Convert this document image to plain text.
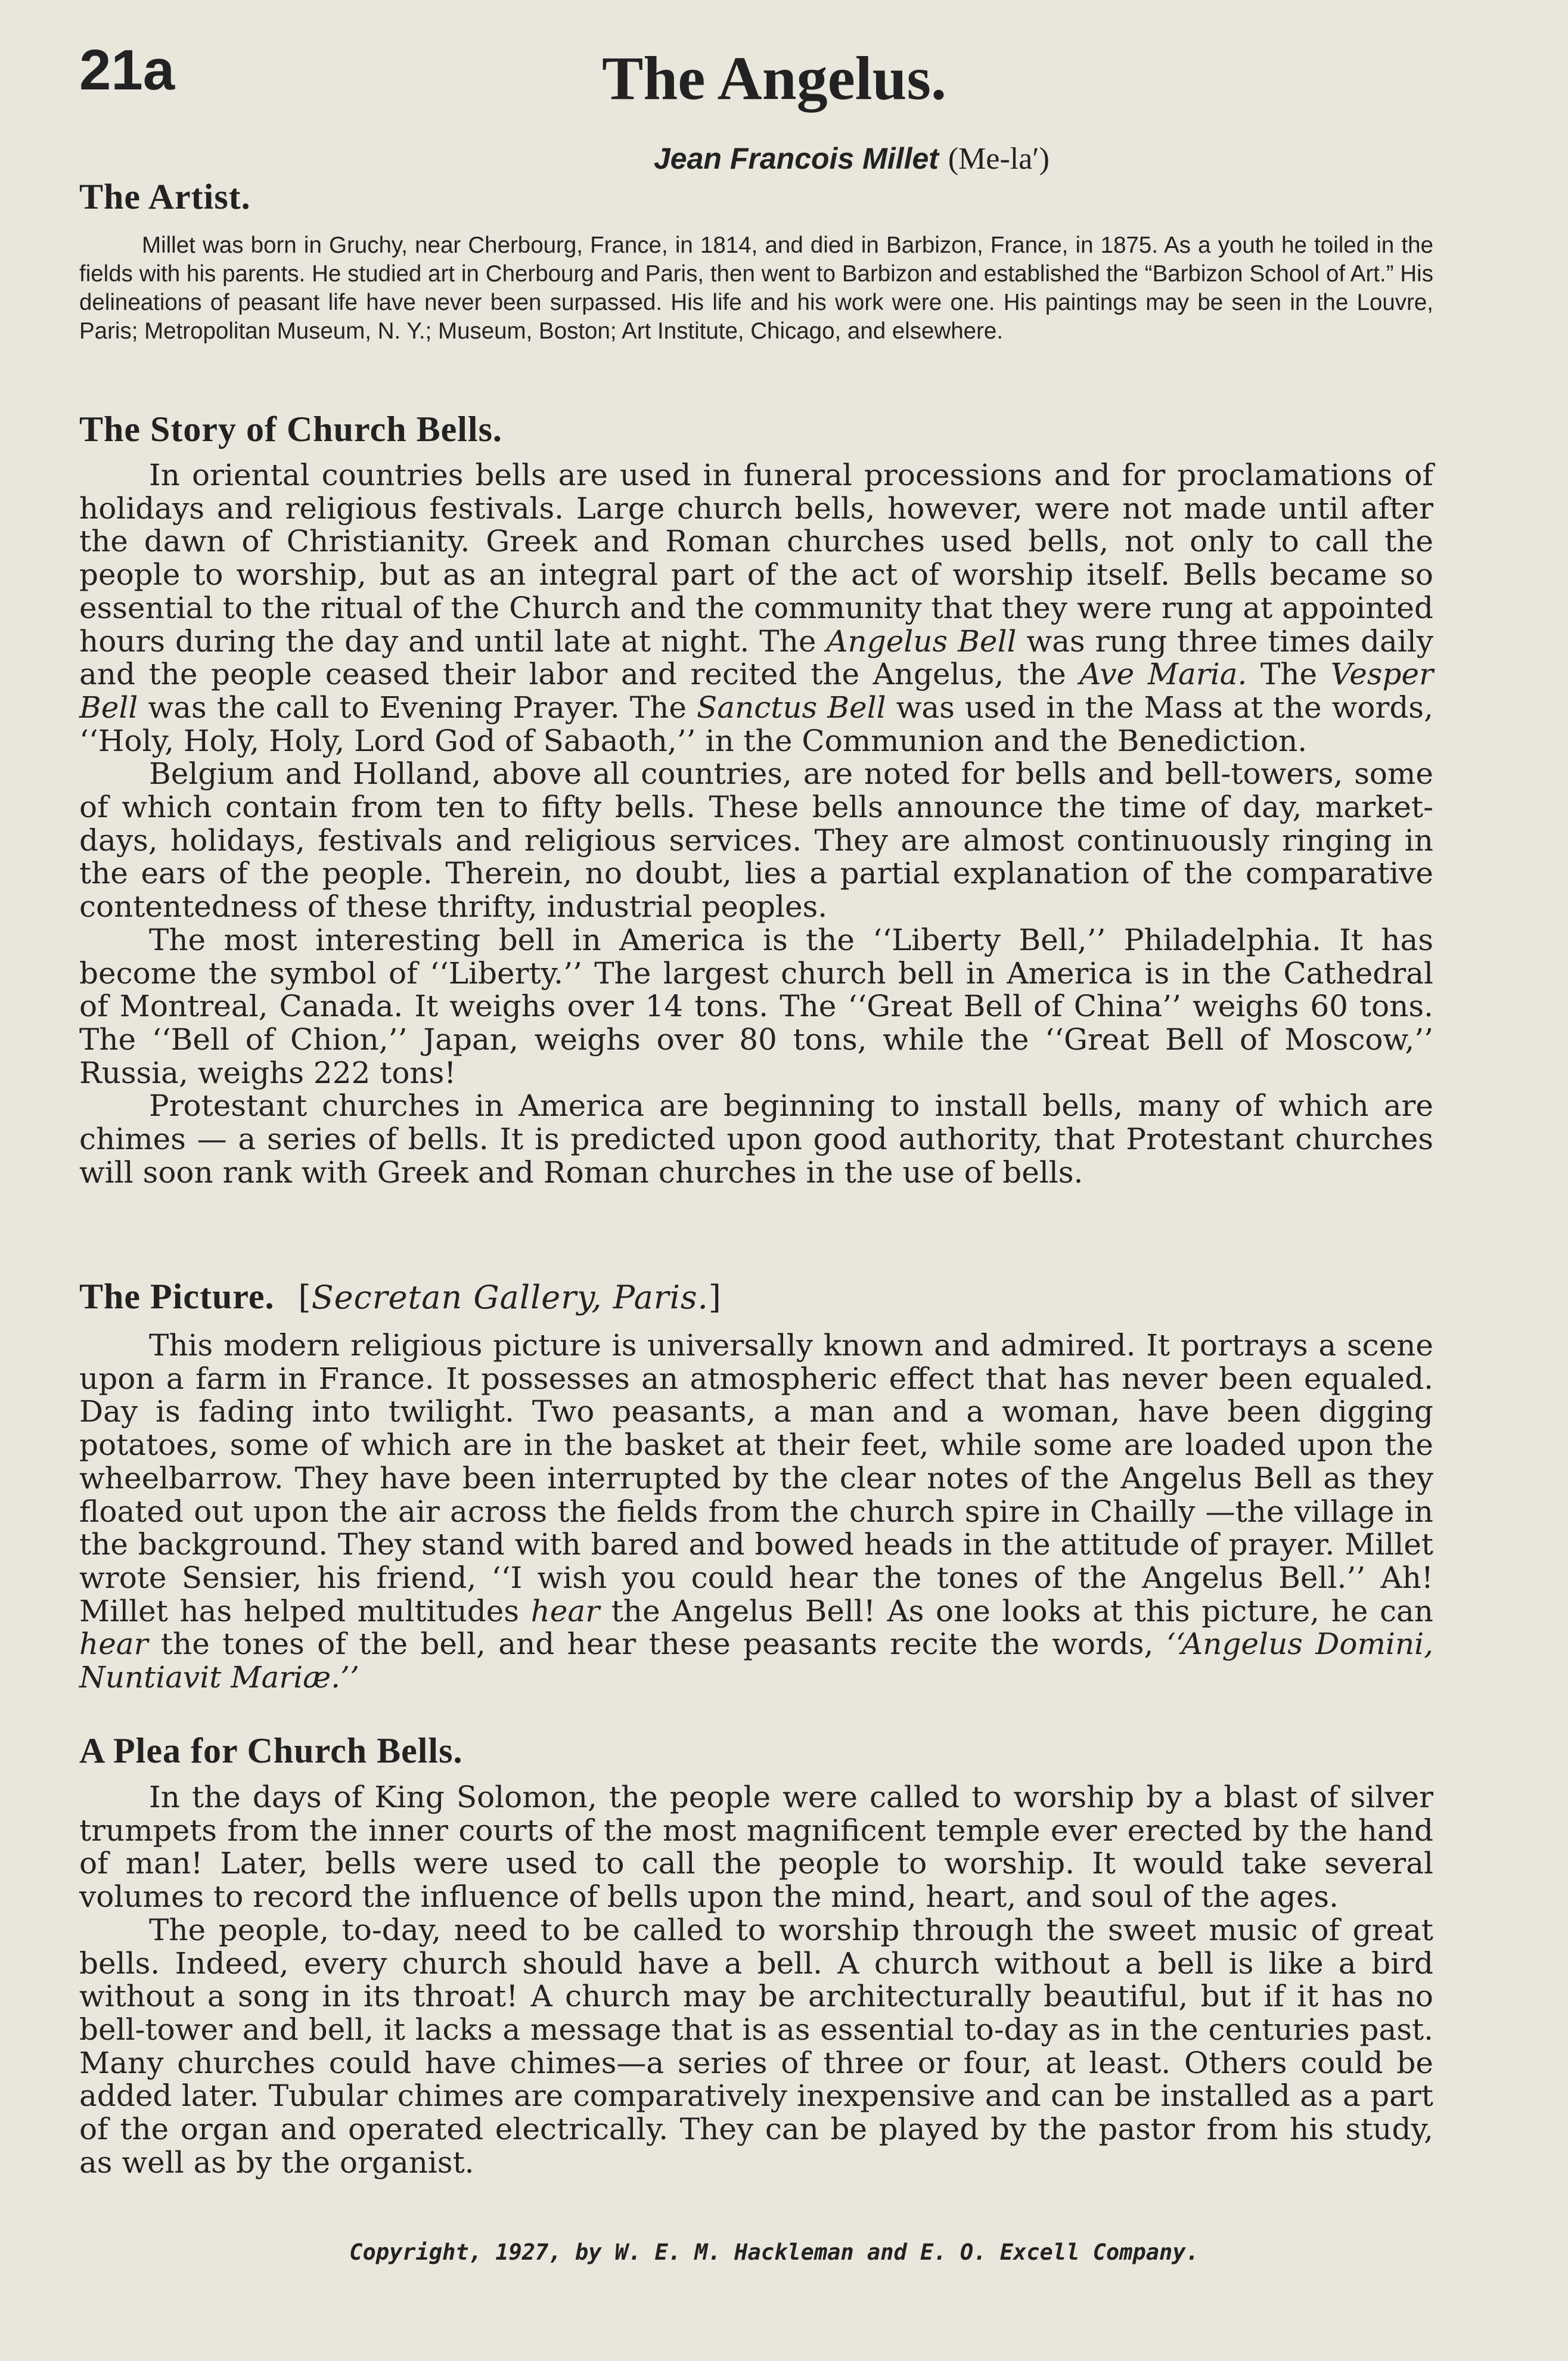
21a	The Angelus.
Jean Francois Millet (Me-la′)
The Artist.

Millet was born in Gruchy, near Cherbourg, France, in 1814, and died in Barbizon, France, in 1875. As a youth he toiled in the fields with his parents. He studied art in Cherbourg and Paris, then went to Barbizon and established the “Barbizon School of Art.” His delineations of peasant life have never been surpassed. His life and his work were one. His paintings may be seen in the Louvre, Paris; Metropolitan Museum, N. Y.; Museum, Boston; Art Institute, Chicago, and elsewhere.

The Story of Church Bells.

In oriental countries bells are used in funeral processions and for proclamations of holidays and religious festivals. Large church bells, however, were not made until after the dawn of Christianity. Greek and Roman churches used bells, not only to call the people to worship, but as an integral part of the act of worship itself. Bells became so essential to the ritual of the Church and the community that they were rung at appointed hours during the day and until late at night. The Angelus Bell was rung three times daily and the people ceased their labor and recited the Angelus, the Ave Maria. The Vesper Bell was the call to Evening Prayer. The Sanctus Bell was used in the Mass at the words, ‘‘Holy, Holy, Holy, Lord God of Sabaoth,’’ in the Communion and the Benediction.

Belgium and Holland, above all countries, are noted for bells and bell-towers, some of which contain from ten to fifty bells. These bells announce the time of day, market-days, holidays, festivals and religious services. They are almost continuously ringing in the ears of the people. Therein, no doubt, lies a partial explanation of the comparative contentedness of these thrifty, industrial peoples.

The most interesting bell in America is the ‘‘Liberty Bell,’’ Philadelphia. It has become the symbol of ‘‘Liberty.’’ The largest church bell in America is in the Cathedral of Montreal, Canada. It weighs over 14 tons. The ‘‘Great Bell of China’’ weighs 60 tons. The ‘‘Bell of Chion,’’ Japan, weighs over 80 tons, while the ‘‘Great Bell of Moscow,’’ Russia, weighs 222 tons!

Protestant churches in America are beginning to install bells, many of which are chimes — a series of bells. It is predicted upon good authority, that Protestant churches will soon rank with Greek and Roman churches in the use of bells.

The Picture. [Secretan Gallery, Paris.]

This modern religious picture is universally known and admired. It portrays a scene upon a farm in France. It possesses an atmospheric effect that has never been equaled. Day is fading into twilight. Two peasants, a man and a woman, have been digging potatoes, some of which are in the basket at their feet, while some are loaded upon the wheelbarrow. They have been interrupted by the clear notes of the Angelus Bell as they floated out upon the air across the fields from the church spire in Chailly —the village in the background. They stand with bared and bowed heads in the attitude of prayer. Millet wrote Sensier, his friend, ‘‘I wish you could hear the tones of the Angelus Bell.’’ Ah! Millet has helped multitudes hear the Angelus Bell! As one looks at this picture, he can hear the tones of the bell, and hear these peasants recite the words, ‘‘Angelus Domini, Nuntiavit Mariæ.’’

A Plea for Church Bells.

In the days of King Solomon, the people were called to worship by a blast of silver trumpets from the inner courts of the most magnificent temple ever erected by the hand of man! Later, bells were used to call the people to worship. It would take several volumes to record the influence of bells upon the mind, heart, and soul of the ages.

The people, to-day, need to be called to worship through the sweet music of great bells. Indeed, every church should have a bell. A church without a bell is like a bird without a song in its throat! A church may be architecturally beautiful, but if it has no bell-tower and bell, it lacks a message that is as essential to-day as in the centuries past. Many churches could have chimes—a series of three or four, at least. Others could be added later. Tubular chimes are comparatively inexpensive and can be installed as a part of the organ and operated electrically. They can be played by the pastor from his study, as well as by the organist.

Copyright, 1927, by W. E. M. Hackleman and E. O. Excell Company.
